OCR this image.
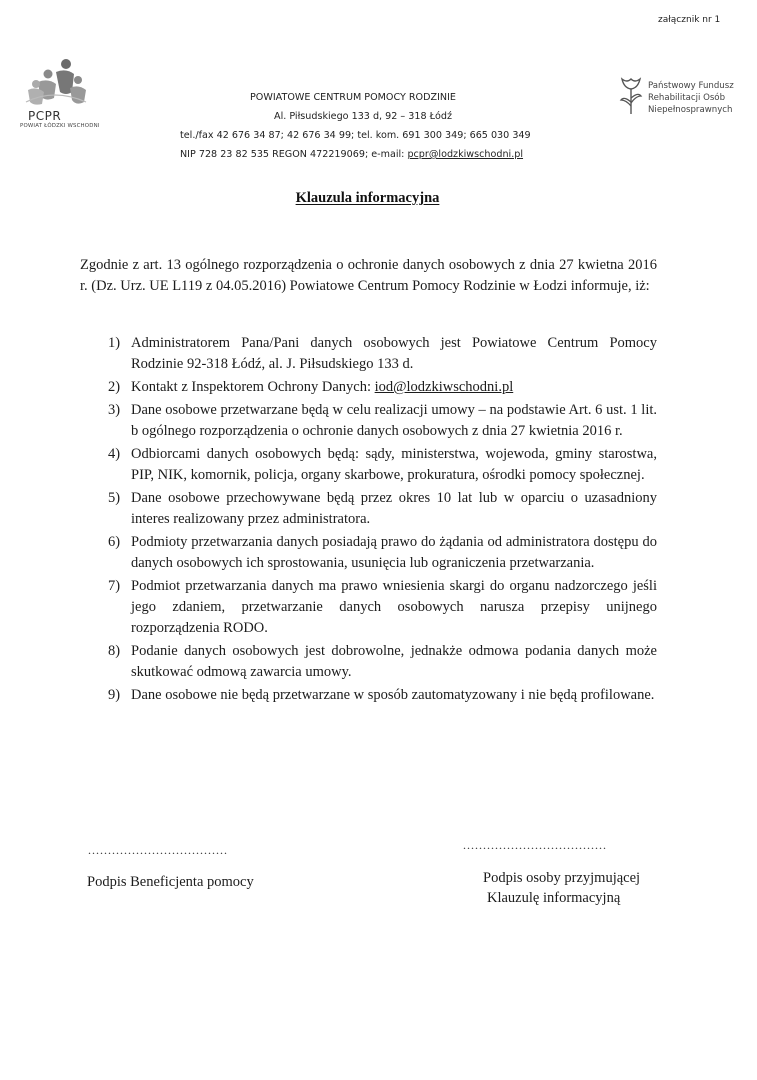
załącznik nr 1
PCPR
POWIAT ŁÓDZKI WSCHODNI
POWIATOWE CENTRUM POMOCY RODZINIE
Al. Piłsudskiego 133 d, 92 – 318 Łódź
tel./fax 42 676 34 87; 42 676 34 99; tel. kom. 691 300 349; 665 030 349
NIP 728 23 82 535 REGON 472219069; e-mail: pcpr@lodzkiwschodni.pl
Państwowy Fundusz
Rehabilitacji Osób
Niepełnosprawnych
Klauzula informacyjna
Zgodnie z art. 13 ogólnego rozporządzenia o ochronie danych osobowych z dnia 27 kwietna 2016 r. (Dz. Urz. UE L119 z 04.05.2016) Powiatowe Centrum Pomocy Rodzinie w Łodzi informuje, iż:
1) Administratorem Pana/Pani danych osobowych jest Powiatowe Centrum Pomocy Rodzinie 92-318 Łódź, al. J. Piłsudskiego 133 d.
2) Kontakt z Inspektorem Ochrony Danych: iod@lodzkiwschodni.pl
3) Dane osobowe przetwarzane będą w celu realizacji umowy – na podstawie Art. 6 ust. 1 lit. b ogólnego rozporządzenia o ochronie danych osobowych z dnia 27 kwietnia 2016 r.
4) Odbiorcami danych osobowych będą: sądy, ministerstwa, wojewoda, gminy starostwa, PIP, NIK, komornik, policja, organy skarbowe, prokuratura, ośrodki pomocy społecznej.
5) Dane osobowe przechowywane będą przez okres 10 lat lub w oparciu o uzasadniony interes realizowany przez administratora.
6) Podmioty przetwarzania danych posiadają prawo do żądania od administratora dostępu do danych osobowych ich sprostowania, usunięcia lub ograniczenia przetwarzania.
7) Podmiot przetwarzania danych ma prawo wniesienia skargi do organu nadzorczego jeśli jego zdaniem, przetwarzanie danych osobowych narusza przepisy unijnego rozporządzenia RODO.
8) Podanie danych osobowych jest dobrowolne, jednakże odmowa podania danych może skutkować odmową zawarcia umowy.
9) Dane osobowe nie będą przetwarzane w sposób zautomatyzowany i nie będą profilowane.
...................................	....................................
Podpis Beneficjenta pomocy	Podpis osoby przyjmującej
Klauzulę informacyjną
